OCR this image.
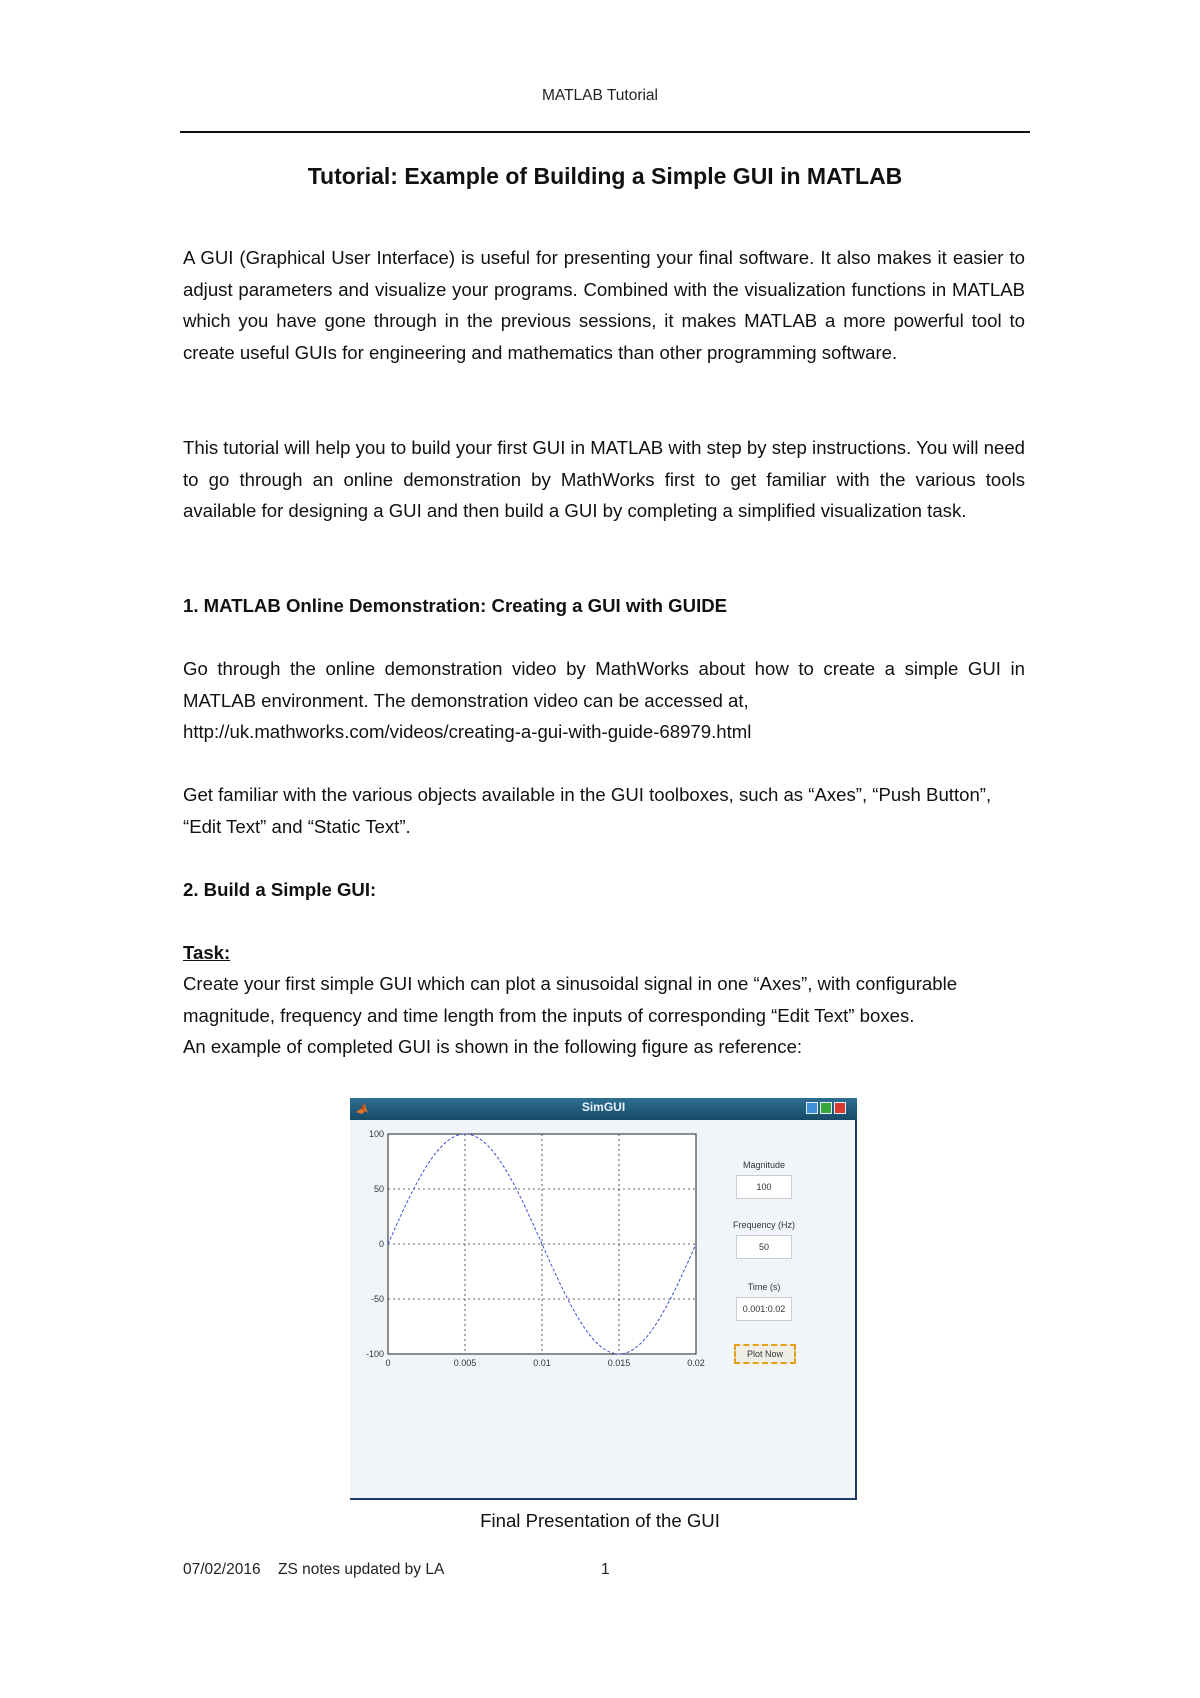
MATLAB Tutorial
Tutorial: Example of Building a Simple GUI in MATLAB
A GUI (Graphical User Interface) is useful for presenting your final software. It also makes it easier to adjust parameters and visualize your programs. Combined with the visualization functions in MATLAB which you have gone through in the previous sessions, it makes MATLAB a more powerful tool to create useful GUIs for engineering and mathematics than other programming software.
This tutorial will help you to build your first GUI in MATLAB with step by step instructions. You will need to go through an online demonstration by MathWorks first to get familiar with the various tools available for designing a GUI and then build a GUI by completing a simplified visualization task.
1. MATLAB Online Demonstration: Creating a GUI with GUIDE
Go through the online demonstration video by MathWorks about how to create a simple GUI in MATLAB environment. The demonstration video can be accessed at,
http://uk.mathworks.com/videos/creating-a-gui-with-guide-68979.html
Get familiar with the various objects available in the GUI toolboxes, such as “Axes”, “Push Button”,
“Edit Text” and “Static Text”.
2. Build a Simple GUI:
Task:
Create your first simple GUI which can plot a sinusoidal signal in one “Axes”, with configurable
magnitude, frequency and time length from the inputs of corresponding “Edit Text” boxes.
An example of completed GUI is shown in the following figure as reference:
SimGUI
0	0.005	0.01	0.015	0.02
-100
-50
0
50
100
Magnitude
100
Frequency (Hz)
50
Time (s)
0.001:0.02
Plot Now
Final Presentation of the GUI
07/02/2016 ZS notes updated by LA	1
